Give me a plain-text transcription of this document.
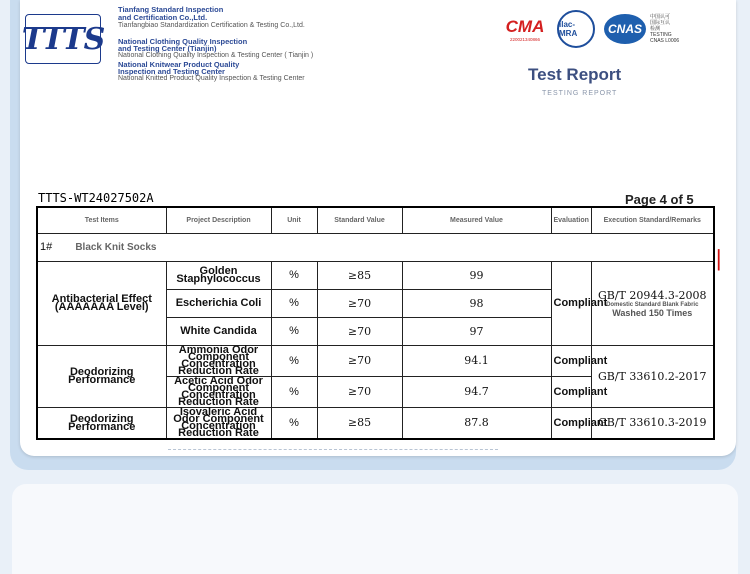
TTTS
Tianfang Standard Inspection
and Certification Co.,Ltd.
Tianfangbiao Standardization Certification & Testing Co.,Ltd.
National Clothing Quality Inspection
and Testing Center (Tianjin)
National Clothing Quality Inspection & Testing Center ( Tianjin )
National Knitwear Product Quality
Inspection and Testing Center
National Knitted Product Quality Inspection & Testing Center
CMA
220021340866
ilac-MRA	CNAS
中国认可
国际互认
检测
TESTING
CNAS L0006
Test Report
TESTING REPORT
TTTS-WT24027502A	Page 4 of 5
Test Items	Project Description	Unit	Standard Value	Measured Value	Evaluation	Execution Standard/Remarks
1# Black Knit Socks						
Antibacterial Effect (AAAAAAA Level)	Golden Staphylococcus	%	≥85	99	Compliant	GB/T 20944.3-2008
Domestic Standard Blank Fabric
Washed 150 Times

	Escherichia Coli	%	≥70	98		
	White Candida	%	≥70	97		
Deodorizing Performance	Ammonia Odor Component Concentration Reduction Rate	%	≥70	94.1	Compliant	GB/T 33610.2-2017
	Acetic Acid Odor Component Concentration Reduction Rate	%	≥70	94.7	Compliant	
Deodorizing Performance	Isovaleric Acid Odor Component Concentration Reduction Rate	%	≥85	87.8	Compliant	GB/T 33610.3-2019
▏
